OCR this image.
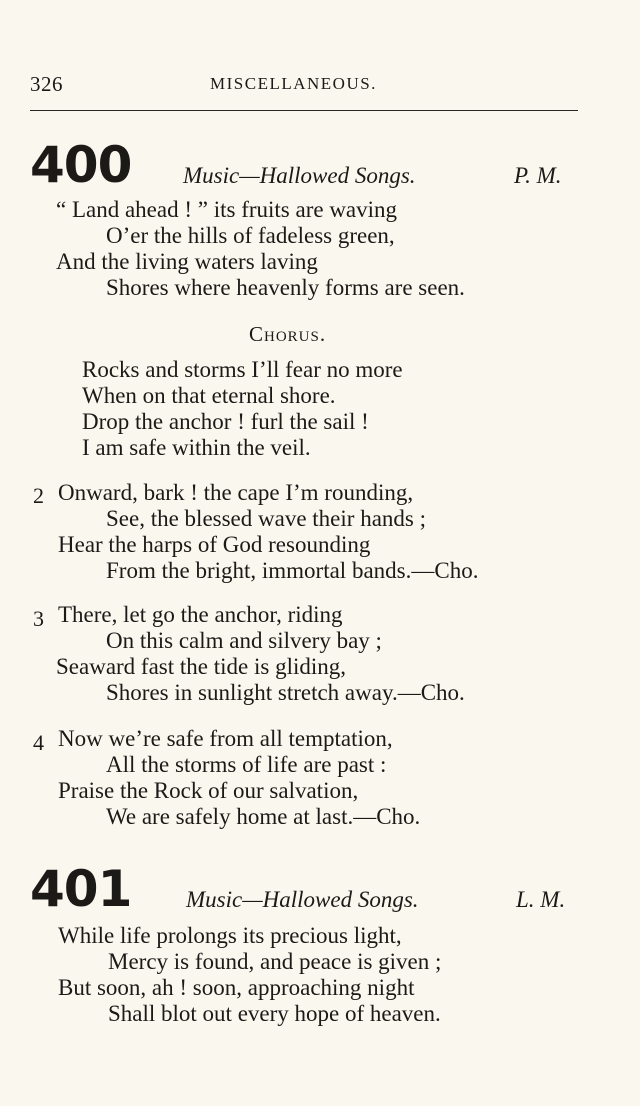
326	MISCELLANEOUS.
400 Music—Hallowed Songs.	P. M.
“ Land ahead ! ” its fruits are waving
O’er the hills of fadeless green,
And the living waters laving
Shores where heavenly forms are seen.
Chorus.
Rocks and storms I’ll fear no more
When on that eternal shore.
Drop the anchor ! furl the sail !
I am safe within the veil.
2 Onward, bark ! the cape I’m rounding,
See, the blessed wave their hands ;
Hear the harps of God resounding
From the bright, immortal bands.—Cho.
3 There, let go the anchor, riding
On this calm and silvery bay ;
Seaward fast the tide is gliding,
Shores in sunlight stretch away.—Cho.
4 Now we’re safe from all temptation,
All the storms of life are past :
Praise the Rock of our salvation,
We are safely home at last.—Cho.
401 Music—Hallowed Songs.	L. M.
While life prolongs its precious light,
Mercy is found, and peace is given ;
But soon, ah ! soon, approaching night
Shall blot out every hope of heaven.
